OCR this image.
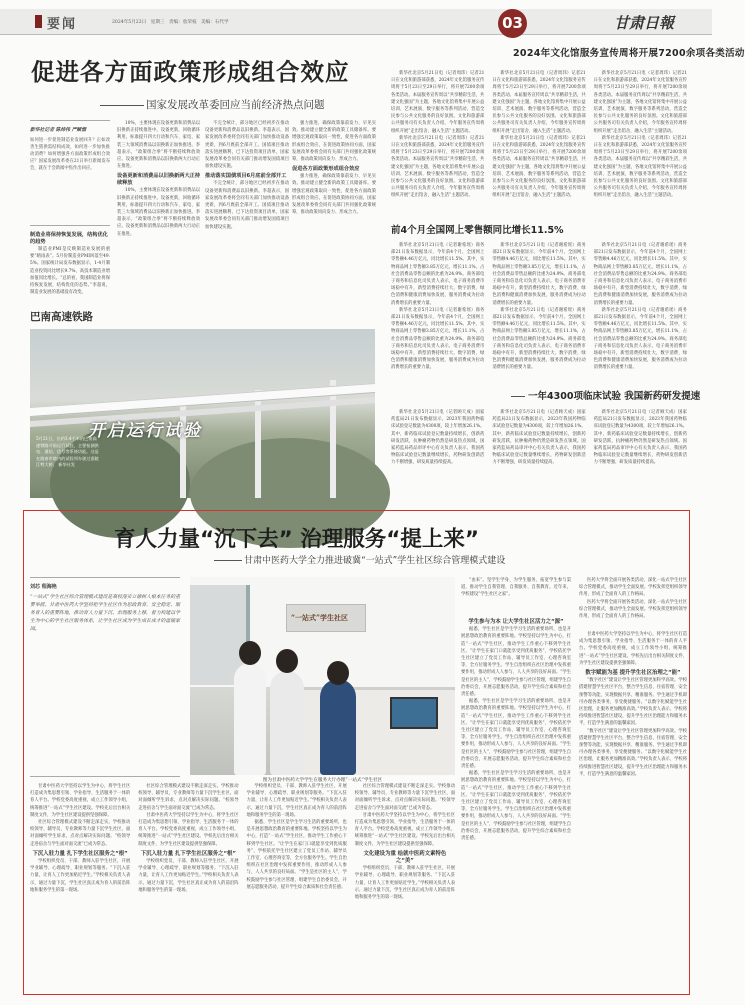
要闻	2024年5月22日 星期三 责编：詹荣枝 美编：石代学	03	甘肃日報
促进各方面政策形成组合效应
国家发展改革委回应当前经济热点问题
新华社记者 陈炜伟 严赋憬
如何进一步促进制造业发展回升？正如改善生猪供需结构成效，如何进一步加快推动消费？如何增强各方面政策形成组合效应？国家发展改革委在21日举行新闻发布会，就在于会新闻中焦作出回应。
制造业将保持恢复发展，结构优化的趋势

制造业PMI是反映制造业发展的重要“晴雨表”。5月份制造业PMI回落至49.5%。国家统计局发布数据显示，1-4月制造业投资同比增长9.7%，高技术制造业增加值同比增长。“总的看，我国制造业将保持恢复发展，结构优化的态势。”李超说，制造业发展的基础没有改变。

10%，主要体现在设备更新和消费品以旧换新正持续推进中。设备更新，回收循环利用，标准提升四大行动和汽车、家电、家装三大领域消费品以旧换新正加快推进。李超表示，“政策组合拳”将不断持续释放效应。设备更新和消费品以旧换新两大行动正在推进。

设备更新和消费品以旧换新两大正持续释放

10%，主要体现在设备更新和消费品以旧换新正持续推进中。设备更新，回收循环利用，标准提升四大行动和汽车、家电、家装三大领域消费品以旧换新正加快推进。李超表示，“政策组合拳”将不断持续释放效应。设备更新和消费品以旧换新两大行动正在推进。

不完全统计，部分地区已经初步在推动设备更新和消费品以旧换新。李超表示，国家发展改革委将会同有关部门加快推动设备更新，到6月底前全部开工。国债项目推动落实进展顺利，已下达投资项目清单，国家发展改革委会同有关部门推动增发国债项目加快建设实施。

推动落实国债项目6月底前全部开工

不完全统计，部分地区已经初步在推动设备更新和消费品以旧换新。李超表示，国家发展改革委将会同有关部门加快推动设备更新，到6月底前全部开工。国债项目推动落实进展顺利，已下达投资项目清单，国家发展改革委会同有关部门推动增发国债项目加快建设实施。

强力推进，确保政策靠前发力、早见实效。推动建立健全新的政策工具储备库。要增强宏观政策取向一致性，促进各方面政策形成组合效应。在促进政策协同方面，国家发展改革委将会同有关部门共同强化政策统筹，推动政策同向发力、形成合力。

促进各方面政策形成组合效应

强力推进，确保政策靠前发力、早见实效。推动建立健全新的政策工具储备库。要增强宏观政策取向一致性，促进各方面政策形成组合效应。在促进政策协同方面，国家发展改革委将会同有关部门共同强化政策统筹，推动政策同向发力、形成合力。

巴南高速铁路
开启运行试验
5月21日，长约3.4千米的巴南高速铁路开始运行试验，主要检测供电、通信、信号等系统功能。这是在陇南市境内的试验列车驶过嘉陵江特大桥。 新华社发
2024年文化馆服务宣传周将开展7200余项各类活动

新华社北京5月21日电（记者周玮）记者21日在文化和旅游部获悉，2024年文化馆服务宣传周将于5月23日至29日举行，将开展7200余项各类活动。本届服务宣传周以“共享精彩生活，共建文化强国”为主题，各地文化馆将集中开展公益培训、艺术展演、数字服务等系列活动，营造全民参与公共文化服务的良好氛围。文化和旅游部公共服务司有关负责人介绍，今年服务宣传周将组织开展“走出馆舍，融入生活”主题活动。

新华社北京5月21日电（记者周玮）记者21日在文化和旅游部获悉，2024年文化馆服务宣传周将于5月23日至29日举行，将开展7200余项各类活动。本届服务宣传周以“共享精彩生活，共建文化强国”为主题，各地文化馆将集中开展公益培训、艺术展演、数字服务等系列活动，营造全民参与公共文化服务的良好氛围。文化和旅游部公共服务司有关负责人介绍，今年服务宣传周将组织开展“走出馆舍，融入生活”主题活动。

新华社北京5月21日电（记者周玮）记者21日在文化和旅游部获悉，2024年文化馆服务宣传周将于5月23日至29日举行，将开展7200余项各类活动。本届服务宣传周以“共享精彩生活，共建文化强国”为主题，各地文化馆将集中开展公益培训、艺术展演、数字服务等系列活动，营造全民参与公共文化服务的良好氛围。文化和旅游部公共服务司有关负责人介绍，今年服务宣传周将组织开展“走出馆舍，融入生活”主题活动。

新华社北京5月21日电（记者周玮）记者21日在文化和旅游部获悉，2024年文化馆服务宣传周将于5月23日至29日举行，将开展7200余项各类活动。本届服务宣传周以“共享精彩生活，共建文化强国”为主题，各地文化馆将集中开展公益培训、艺术展演、数字服务等系列活动，营造全民参与公共文化服务的良好氛围。文化和旅游部公共服务司有关负责人介绍，今年服务宣传周将组织开展“走出馆舍，融入生活”主题活动。

新华社北京5月21日电（记者周玮）记者21日在文化和旅游部获悉，2024年文化馆服务宣传周将于5月23日至29日举行，将开展7200余项各类活动。本届服务宣传周以“共享精彩生活，共建文化强国”为主题，各地文化馆将集中开展公益培训、艺术展演、数字服务等系列活动，营造全民参与公共文化服务的良好氛围。文化和旅游部公共服务司有关负责人介绍，今年服务宣传周将组织开展“走出馆舍，融入生活”主题活动。

新华社北京5月21日电（记者周玮）记者21日在文化和旅游部获悉，2024年文化馆服务宣传周将于5月23日至29日举行，将开展7200余项各类活动。本届服务宣传周以“共享精彩生活，共建文化强国”为主题，各地文化馆将集中开展公益培训、艺术展演、数字服务等系列活动，营造全民参与公共文化服务的良好氛围。文化和旅游部公共服务司有关负责人介绍，今年服务宣传周将组织开展“走出馆舍，融入生活”主题活动。

前4个月全国网上零售额同比增长11.5%

新华社北京5月21日电（记者谢希瑶）商务部21日发布数据显示，今年前4个月，全国网上零售额4.46万亿元，同比增长11.5%。其中，实物商品网上零售额3.85万亿元，增长11.1%，占社会消费品零售总额的比重为24.9%。商务部电子商务和信息化司负责人表示，电子商务消费市场稳中有升，新型消费持续壮大，数字消费、绿色消费和健康消费加快发展，服务消费成为拉动消费增长的重要力量。

新华社北京5月21日电（记者谢希瑶）商务部21日发布数据显示，今年前4个月，全国网上零售额4.46万亿元，同比增长11.5%。其中，实物商品网上零售额3.85万亿元，增长11.1%，占社会消费品零售总额的比重为24.9%。商务部电子商务和信息化司负责人表示，电子商务消费市场稳中有升，新型消费持续壮大，数字消费、绿色消费和健康消费加快发展，服务消费成为拉动消费增长的重要力量。

新华社北京5月21日电（记者谢希瑶）商务部21日发布数据显示，今年前4个月，全国网上零售额4.46万亿元，同比增长11.5%。其中，实物商品网上零售额3.85万亿元，增长11.1%，占社会消费品零售总额的比重为24.9%。商务部电子商务和信息化司负责人表示，电子商务消费市场稳中有升，新型消费持续壮大，数字消费、绿色消费和健康消费加快发展，服务消费成为拉动消费增长的重要力量。

新华社北京5月21日电（记者谢希瑶）商务部21日发布数据显示，今年前4个月，全国网上零售额4.46万亿元，同比增长11.5%。其中，实物商品网上零售额3.85万亿元，增长11.1%，占社会消费品零售总额的比重为24.9%。商务部电子商务和信息化司负责人表示，电子商务消费市场稳中有升，新型消费持续壮大，数字消费、绿色消费和健康消费加快发展，服务消费成为拉动消费增长的重要力量。

新华社北京5月21日电（记者谢希瑶）商务部21日发布数据显示，今年前4个月，全国网上零售额4.46万亿元，同比增长11.5%。其中，实物商品网上零售额3.85万亿元，增长11.1%，占社会消费品零售总额的比重为24.9%。商务部电子商务和信息化司负责人表示，电子商务消费市场稳中有升，新型消费持续壮大，数字消费、绿色消费和健康消费加快发展，服务消费成为拉动消费增长的重要力量。

新华社北京5月21日电（记者谢希瑶）商务部21日发布数据显示，今年前4个月，全国网上零售额4.46万亿元，同比增长11.5%。其中，实物商品网上零售额3.85万亿元，增长11.1%，占社会消费品零售总额的比重为24.9%。商务部电子商务和信息化司负责人表示，电子商务消费市场稳中有升，新型消费持续壮大，数字消费、绿色消费和健康消费加快发展，服务消费成为拉动消费增长的重要力量。

一年4300项临床试验 我国新药研发提速

新华社北京5月21日电（记者顾天成）国家药监局21日发布数据显示，2023年我国药物临床试验登记数量为4300项，较上年增加26.1%。其中，新药临床试验登记数量持续增长，创新药研发活跃，抗肿瘤药物仍然是研发热点领域。国家药监局药品审评中心有关负责人表示，我国药物临床试验登记数量继续增长，药物研发创新活力不断增强，研发质量持续提高。

新华社北京5月21日电（记者顾天成）国家药监局21日发布数据显示，2023年我国药物临床试验登记数量为4300项，较上年增加26.1%。其中，新药临床试验登记数量持续增长，创新药研发活跃，抗肿瘤药物仍然是研发热点领域。国家药监局药品审评中心有关负责人表示，我国药物临床试验登记数量继续增长，药物研发创新活力不断增强，研发质量持续提高。

新华社北京5月21日电（记者顾天成）国家药监局21日发布数据显示，2023年我国药物临床试验登记数量为4300项，较上年增加26.1%。其中，新药临床试验登记数量持续增长，创新药研发活跃，抗肿瘤药物仍然是研发热点领域。国家药监局药品审评中心有关负责人表示，我国药物临床试验登记数量继续增长，药物研发创新活力不断增强，研发质量持续提高。

育人力量“沉下去” 治理服务“提上来”
甘肃中医药大学全力推进破冀“一站式”学生社区综合管理模式建设
刘芯 程海艳
“一站式”学生社区综合管理模式建设是高校落实立德树人根本任务的重要举措。甘肃中医药大学坚持把学生社区作为思政教育、安全稳定、服务育人的重要阵地，推动育人力量下沉、治理服务上移，着力构建以学生为中心的学生社区服务体系，让学生社区成为学生成长成才的温暖家园。
“一站式”学生社区
图为甘肃中医药大学学生在服务大厅办理“一站式”学生社区

“由来”。坚学生学身、为学生服务、拓宽学生参与渠道，推动学生自我管理、自我服务、自我教育。近年来，学校建设“学生社区之家”。

医药大学将全面开展各类活动，深化一站式学生社区综合管理模式，推动学生全面发展。学校发挥党组织领导作用，形成了全面育人的工作格局。

医药大学将全面开展各类活动，深化一站式学生社区综合管理模式，推动学生全面发展。学校发挥党组织领导作用，形成了全面育人的工作格局。

学生参与为本 让大学生社区活力之“源”

据悉，学生社区是学生学习生活的重要场所，也是开展思想政治教育的重要阵地。学校坚持以学生为中心，打造“一站式”学生社区，推动学生工作重心下移到学生社区。“让学生在家门口就能享受到优质服务”，学校依托学生社区建立了党员工作站、辅导员工作室、心理咨询室等，全方位服务学生。学生自治组织在社区治理中发挥重要作用，推动形成人人参与、人人共享的良好局面。“学生是社区的主人”，学校鼓励学生参与社区管理，组建学生自治委员会，开展志愿服务活动，提升学生综合素质和社会责任感。

据悉，学生社区是学生学习生活的重要场所，也是开展思想政治教育的重要阵地。学校坚持以学生为中心，打造“一站式”学生社区，推动学生工作重心下移到学生社区。“让学生在家门口就能享受到优质服务”，学校依托学生社区建立了党员工作站、辅导员工作室、心理咨询室等，全方位服务学生。学生自治组织在社区治理中发挥重要作用，推动形成人人参与、人人共享的良好局面。“学生是社区的主人”，学校鼓励学生参与社区管理，组建学生自治委员会，开展志愿服务活动，提升学生综合素质和社会责任感。

据悉，学生社区是学生学习生活的重要场所，也是开展思想政治教育的重要阵地。学校坚持以学生为中心，打造“一站式”学生社区，推动学生工作重心下移到学生社区。“让学生在家门口就能享受到优质服务”，学校依托学生社区建立了党员工作站、辅导员工作室、心理咨询室等，全方位服务学生。学生自治组织在社区治理中发挥重要作用，推动形成人人参与、人人共享的良好局面。“学生是社区的主人”，学校鼓励学生参与社区管理，组建学生自治委员会，开展志愿服务活动，提升学生综合素质和社会责任感。

甘肃中医药大学坚持以学生为中心，将学生社区打造成为集思想引领、学业指导、生活服务于一体的育人平台。学校党委高度重视，成立工作领导小组，统筹推进“一站式”学生社区建设。学校先后出台相关制度文件，为学生社区建设提供坚强保障。

数字赋能为基 提升学生社区治理之“能”

“数字社区”建设让学生社区管理更加科学高效。学校搭建智慧学生社区平台，整合学生信息、住宿管理、安全预警等功能，实现数据共享、精准服务。学生通过手机即可办理各类事务，享受便捷服务。“以数字化赋能学生社区治理，让服务更加精准高效。”学校负责人表示，学校将持续推进智慧社区建设，提升学生社区治理能力和服务水平，打造学生满意的温馨家园。

“数字社区”建设让学生社区管理更加科学高效。学校搭建智慧学生社区平台，整合学生信息、住宿管理、安全预警等功能，实现数据共享、精准服务。学生通过手机即可办理各类事务，享受便捷服务。“以数字化赋能学生社区治理，让服务更加精准高效。”学校负责人表示，学校将持续推进智慧社区建设，提升学生社区治理能力和服务水平，打造学生满意的温馨家园。

甘肃中医药大学坚持以学生为中心，将学生社区打造成为集思想引领、学业指导、生活服务于一体的育人平台。学校党委高度重视，成立工作领导小组，统筹推进“一站式”学生社区建设。学校先后出台相关制度文件，为学生社区建设提供坚强保障。

社区综合管理模式建设不断走深走实。学校推动校领导、辅导员、专业教师等力量下沉学生社区，面对面倾听学生诉求，点对点解决实际问题。“校领导走进宿舍与学生面对面交流”已成为常态。

下沉入驻力量 扎下学生社区服务之“根”

学校组织党员、干部、教师入驻学生社区，开展学业辅导、心理疏导、职业规划等服务。“下沉入驻力量，让育人工作更加贴近学生。”学校相关负责人表示，通过力量下沉，学生社区真正成为育人的前沿阵地和服务学生的第一现场。

社区综合管理模式建设不断走深走实。学校推动校领导、辅导员、专业教师等力量下沉学生社区，面对面倾听学生诉求，点对点解决实际问题。“校领导走进宿舍与学生面对面交流”已成为常态。

甘肃中医药大学坚持以学生为中心，将学生社区打造成为集思想引领、学业指导、生活服务于一体的育人平台。学校党委高度重视，成立工作领导小组，统筹推进“一站式”学生社区建设。学校先后出台相关制度文件，为学生社区建设提供坚强保障。

下沉入驻力量 扎下学生社区服务之“根”

学校组织党员、干部、教师入驻学生社区，开展学业辅导、心理疏导、职业规划等服务。“下沉入驻力量，让育人工作更加贴近学生。”学校相关负责人表示，通过力量下沉，学生社区真正成为育人的前沿阵地和服务学生的第一现场。

学校组织党员、干部、教师入驻学生社区，开展学业辅导、心理疏导、职业规划等服务。“下沉入驻力量，让育人工作更加贴近学生。”学校相关负责人表示，通过力量下沉，学生社区真正成为育人的前沿阵地和服务学生的第一现场。

据悉，学生社区是学生学习生活的重要场所，也是开展思想政治教育的重要阵地。学校坚持以学生为中心，打造“一站式”学生社区，推动学生工作重心下移到学生社区。“让学生在家门口就能享受到优质服务”，学校依托学生社区建立了党员工作站、辅导员工作室、心理咨询室等，全方位服务学生。学生自治组织在社区治理中发挥重要作用，推动形成人人参与、人人共享的良好局面。“学生是社区的主人”，学校鼓励学生参与社区管理，组建学生自治委员会，开展志愿服务活动，提升学生综合素质和社会责任感。

社区综合管理模式建设不断走深走实。学校推动校领导、辅导员、专业教师等力量下沉学生社区，面对面倾听学生诉求，点对点解决实际问题。“校领导走进宿舍与学生面对面交流”已成为常态。

甘肃中医药大学坚持以学生为中心，将学生社区打造成为集思想引领、学业指导、生活服务于一体的育人平台。学校党委高度重视，成立工作领导小组，统筹推进“一站式”学生社区建设。学校先后出台相关制度文件，为学生社区建设提供坚强保障。

文化建设为重 绘就中医药文素特色之“美”

学校组织党员、干部、教师入驻学生社区，开展学业辅导、心理疏导、职业规划等服务。“下沉入驻力量，让育人工作更加贴近学生。”学校相关负责人表示，通过力量下沉，学生社区真正成为育人的前沿阵地和服务学生的第一现场。
